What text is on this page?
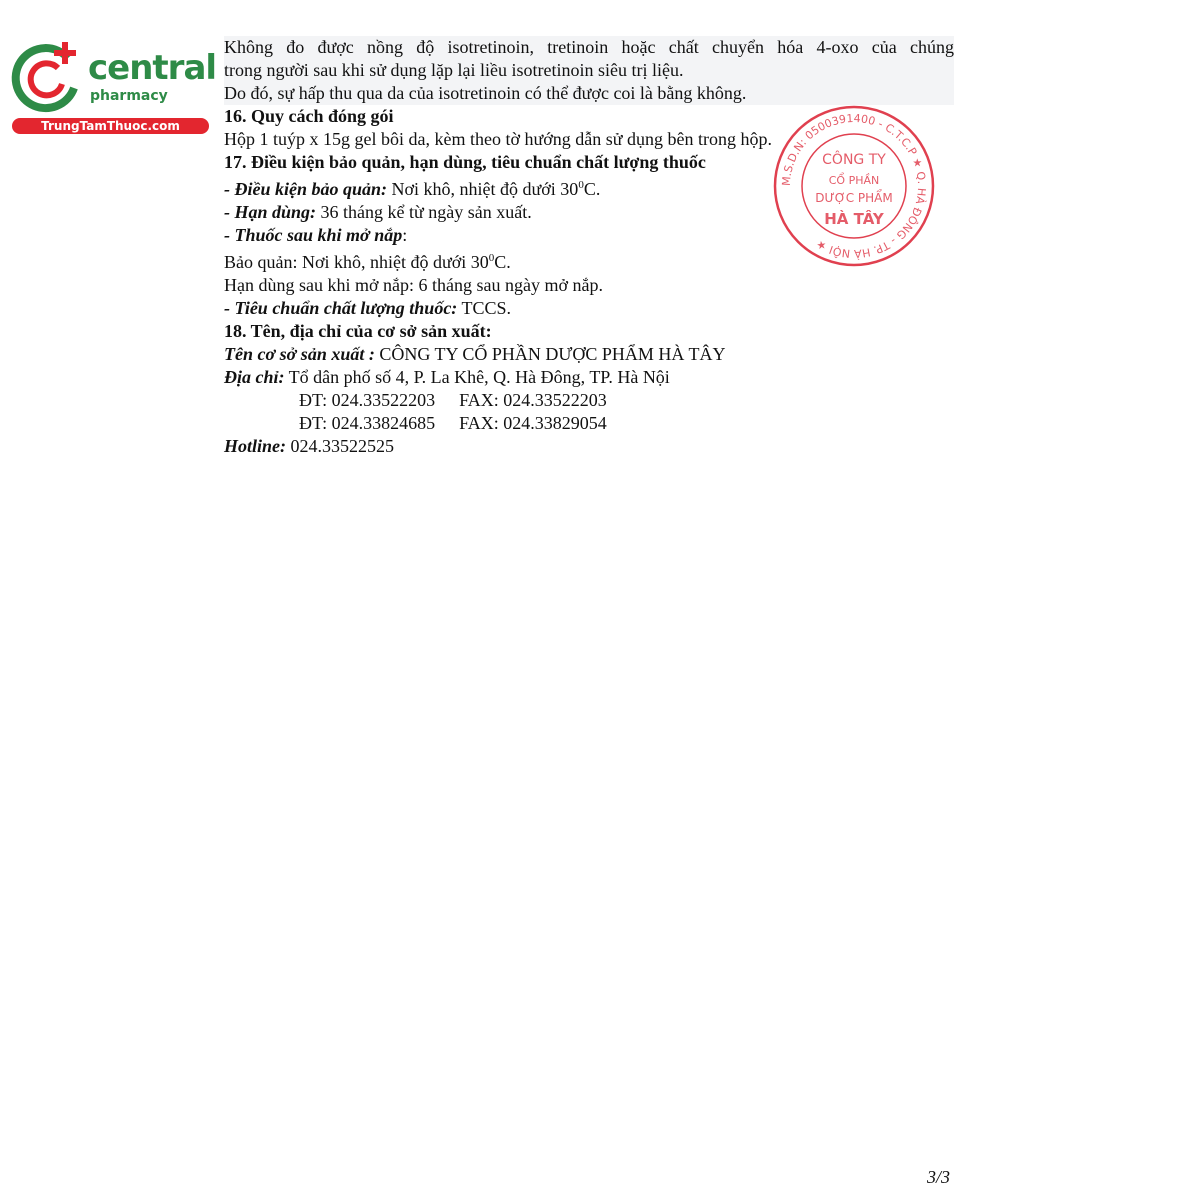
central
pharmacy
TrungTamThuoc.com
Không đo được nồng độ isotretinoin, tretinoin hoặc chất chuyển hóa 4-oxo của chúng
trong người sau khi sử dụng lặp lại liều isotretinoin siêu trị liệu.
Do đó, sự hấp thu qua da của isotretinoin có thể được coi là bằng không.
16. Quy cách đóng gói
Hộp 1 tuýp x 15g gel bôi da, kèm theo tờ hướng dẫn sử dụng bên trong hộp.
17. Điều kiện bảo quản, hạn dùng, tiêu chuẩn chất lượng thuốc
- Điều kiện bảo quản: Nơi khô, nhiệt độ dưới $30^0C$.
- Hạn dùng: 36 tháng kể từ ngày sản xuất.
- Thuốc sau khi mở nắp:
Bảo quản: Nơi khô, nhiệt độ dưới $30^0C$.
Hạn dùng sau khi mở nắp: 6 tháng sau ngày mở nắp.
- Tiêu chuẩn chất lượng thuốc: TCCS.
18. Tên, địa chỉ của cơ sở sản xuất:
Tên cơ sở sản xuất : CÔNG TY CỔ PHẦN DƯỢC PHẨM HÀ TÂY
Địa chỉ: Tổ dân phố số 4, P. La Khê, Q. Hà Đông, TP. Hà Nội
ĐT: 024.33522203 FAX: 024.33522203
ĐT: 024.33824685 FAX: 024.33829054
Hotline: 024.33522525
M.S.D.N: 0500391400 - C.T.C.P ★ Q. HÀ ĐÔNG - TP. HÀ NỘI ★
CÔNG TY
CỔ PHẦN
DƯỢC PHẨM
HÀ TÂY
3/3
